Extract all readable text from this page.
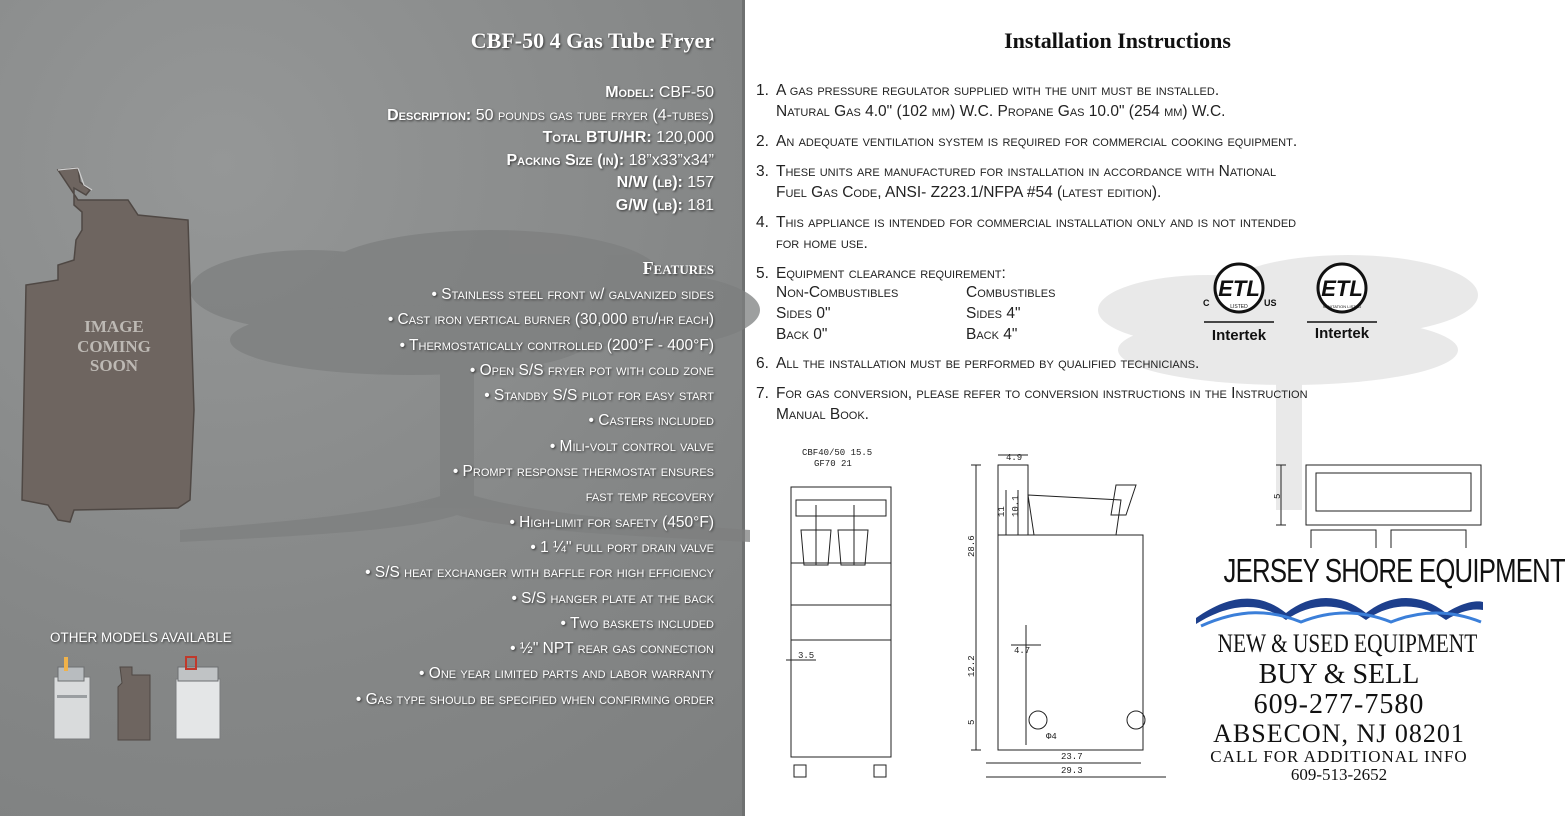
CBF-50 4 Gas Tube Fryer
Model: CBF-50
Description: 50 pounds gas tube fryer (4-tubes)
Total BTU/HR: 120,000
Packing Size (in): 18”x33”x34”
N/W (lb): 157
G/W (lb): 181
Features
• Stainless steel front w/ galvanized sides
• Cast iron vertical burner (30,000 btu/hr each)
• Thermostatically controlled (200°F - 400°F)
• Open S/S fryer pot with cold zone
• Standby S/S pilot for easy start
• Casters included
• Mili-volt control valve
• Prompt response thermostat ensures
fast temp recovery
• High-limit for safety (450°F)
• 1 ¼" full port drain valve
• S/S heat exchanger with baffle for high efficiency
• S/S hanger plate at the back
• Two baskets included
• ½" NPT rear gas connection
• One year limited parts and labor warranty
• Gas type should be specified when confirming order
IMAGE
COMING
SOON
OTHER MODELS AVAILABLE
Installation Instructions
1. A gas pressure regulator supplied with the unit must be installed.
Natural Gas 4.0" (102 mm) W.C. Propane Gas 10.0" (254 mm) W.C.
2. An adequate ventilation system is required for commercial cooking equipment.
3. These units are manufactured for installation in accordance with National
Fuel Gas Code, ANSI- Z223.1/NFPA #54 (latest edition).
4. This appliance is intended for commercial installation only and is not intended
for home use.
5. Equipment clearance requirement:
Non-Combustibles
Sides 0"
Back 0"
Combustibles
Sides 4"
Back 4"
6. All the installation must be performed by qualified technicians.
7. For gas conversion, please refer to conversion instructions in the Instruction
Manual Book.
ETL
LISTED
C	US
Intertek
ETL
SANITATION LISTED
Intertek
CBF40/50 15.5
GF70 21
4.9
11 10.1
28.6
4.7
12.2
5
3.5
Φ4
23.7
29.3
5
JERSEY SHORE EQUIPMENT
NEW & USED EQUIPMENT
BUY & SELL
609-277-7580
ABSECON, NJ 08201
CALL FOR ADDITIONAL INFO
609-513-2652
